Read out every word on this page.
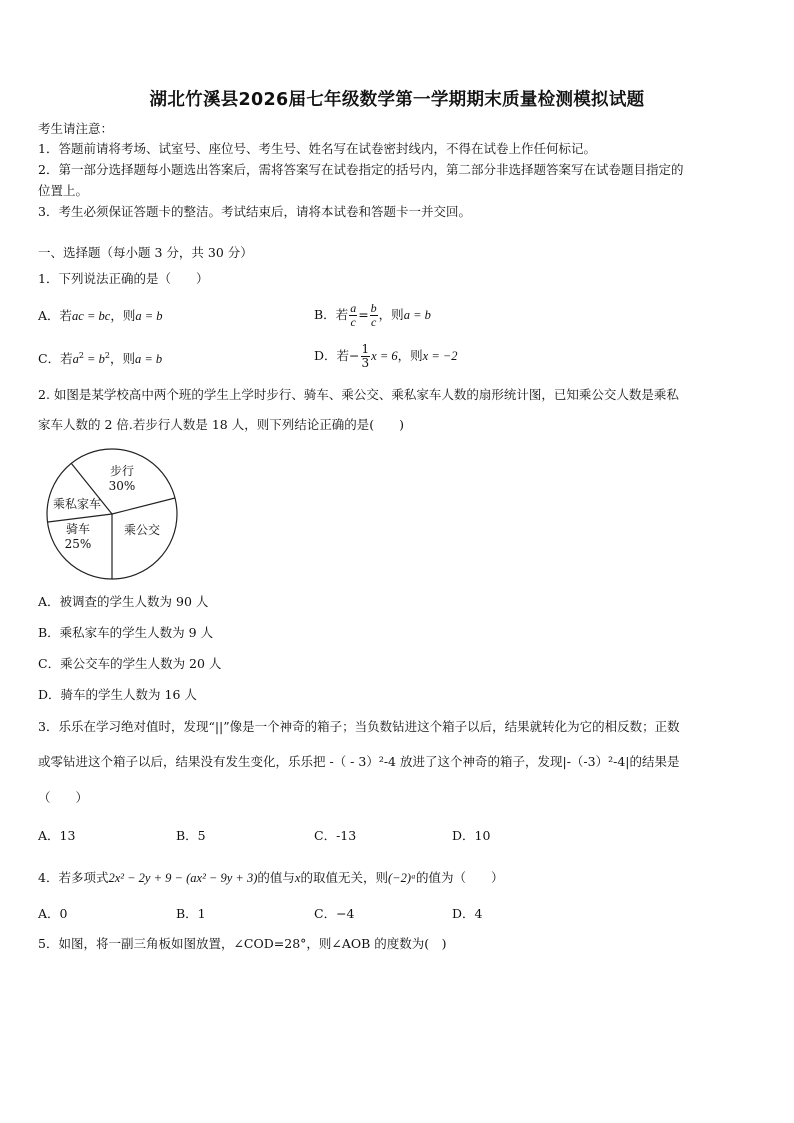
湖北竹溪县2026届七年级数学第一学期期末质量检测模拟试题
考生请注意：
1．答题前请将考场、试室号、座位号、考生号、姓名写在试卷密封线内，不得在试卷上作任何标记。
2．第一部分选择题每小题选出答案后，需将答案写在试卷指定的括号内，第二部分非选择题答案写在试卷题目指定的
位置上。
3．考生必须保证答题卡的整洁。考试结束后，请将本试卷和答题卡一并交回。
一、选择题（每小题 3 分，共 30 分）
1．下列说法正确的是（　　）
A．若ac = bc，则a = b	B．若 $\frac{a}{c} = \frac{b}{c}$ ，则a = b
C．若$a^2 = b^2$，则a = b	D．若− $\frac{1}{3}$ x = 6，则x = −2
2. 如图是某学校高中两个班的学生上学时步行、骑车、乘公交、乘私家车人数的扇形统计图，已知乘公交人数是乘私
家车人数的 2 倍.若步行人数是 18 人，则下列结论正确的是(　　)
步行
30%
乘私家车
骑车
25%
乘公交
A．被调查的学生人数为 90 人
B．乘私家车的学生人数为 9 人
C．乘公交车的学生人数为 20 人
D．骑车的学生人数为 16 人
3．乐乐在学习绝对值时，发现“||”像是一个神奇的箱子；当负数钻进这个箱子以后，结果就转化为它的相反数；正数
或零钻进这个箱子以后，结果没有发生变化，乐乐把 -（ - 3）²-4 放进了这个神奇的箱子，发现|-（-3）²-4|的结果是
（　　）
A．13	B．5	C．-13	D．10
4．若多项式2x² − 2y + 9 − (ax² − 9y + 3)的值与x的取值无关，则(−2)ᵃ的值为（　　）
A．0	B．1	C．−4	D．4
5．如图，将一副三角板如图放置，∠COD=28°，则∠AOB 的度数为(　)
